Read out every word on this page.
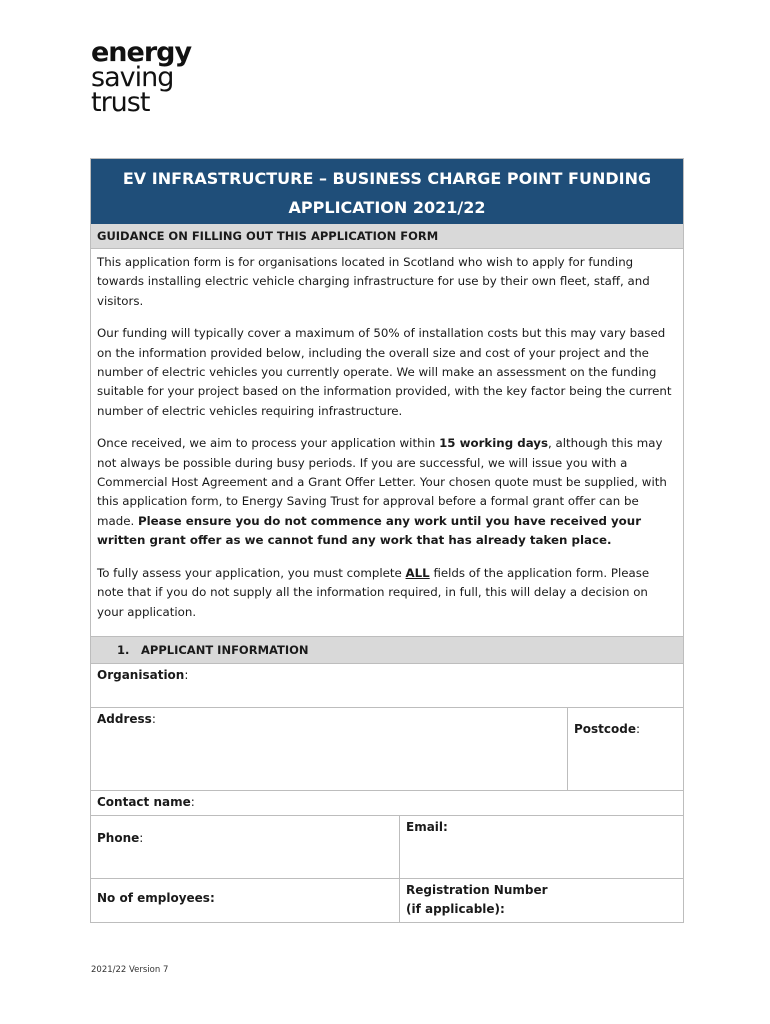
energy
saving
trust
EV INFRASTRUCTURE – BUSINESS CHARGE POINT FUNDING
APPLICATION 2021/22
GUIDANCE ON FILLING OUT THIS APPLICATION FORM

This application form is for organisations located in Scotland who wish to apply for funding towards installing electric vehicle charging infrastructure for use by their own fleet, staff, and visitors.

Our funding will typically cover a maximum of 50% of installation costs but this may vary based on the information provided below, including the overall size and cost of your project and the number of electric vehicles you currently operate. We will make an assessment on the funding suitable for your project based on the information provided, with the key factor being the current number of electric vehicles requiring infrastructure.

Once received, we aim to process your application within 15 working days, although this may not always be possible during busy periods. If you are successful, we will issue you with a Commercial Host Agreement and a Grant Offer Letter. Your chosen quote must be supplied, with this application form, to Energy Saving Trust for approval before a formal grant offer can be made. Please ensure you do not commence any work until you have received your written grant offer as we cannot fund any work that has already taken place.

To fully assess your application, you must complete ALL fields of the application form. Please note that if you do not supply all the information required, in full, this will delay a decision on your application.

1. APPLICANT INFORMATION
Organisation:
Address:
Postcode:
Contact name:
Phone:
Email:
No of employees:
Registration Number
(if applicable):
2021/22 Version 7
